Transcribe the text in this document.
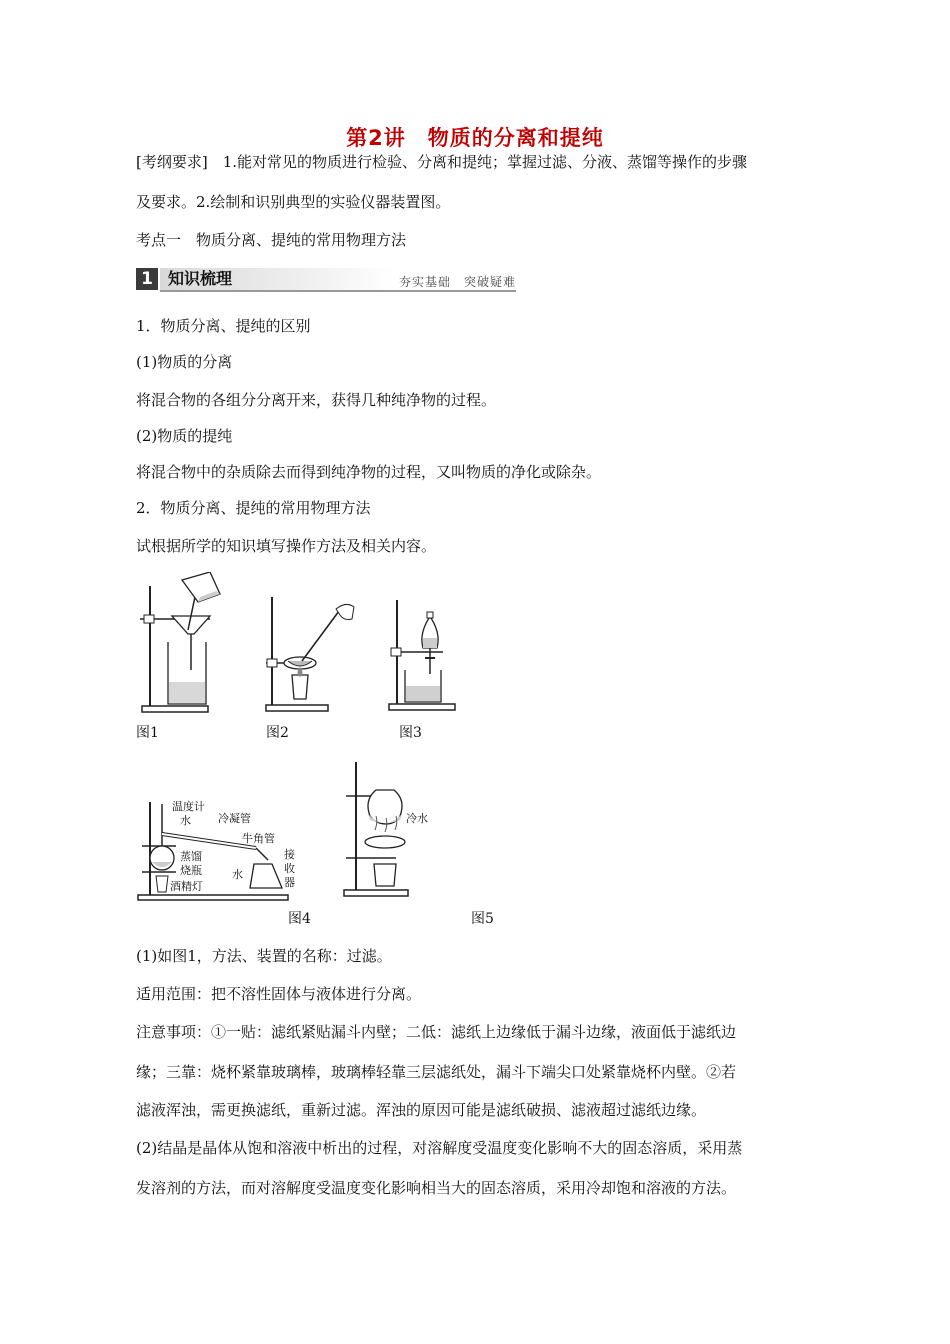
第2讲　物质的分离和提纯
[考纲要求]　1.能对常见的物质进行检验、分离和提纯；掌握过滤、分液、蒸馏等操作的步骤
及要求。2.绘制和识别典型的实验仪器装置图。
考点一　物质分离、提纯的常用物理方法
1 知识梳理	夯实基础　突破疑难
1．物质分离、提纯的区别
(1)物质的分离
将混合物的各组分分离开来，获得几种纯净物的过程。
(2)物质的提纯
将混合物中的杂质除去而得到纯净物的过程，又叫物质的净化或除杂。
2．物质分离、提纯的常用物理方法
试根据所学的知识填写操作方法及相关内容。
图1	图2	图3
温度计
水 冷凝管
牛角管
蒸馏
烧瓶	水
酒精灯
接
收
器
图4
冷水
图5
(1)如图1，方法、装置的名称：过滤。
适用范围：把不溶性固体与液体进行分离。
注意事项：①一贴：滤纸紧贴漏斗内壁；二低：滤纸上边缘低于漏斗边缘，液面低于滤纸边
缘；三靠：烧杯紧靠玻璃棒，玻璃棒轻靠三层滤纸处，漏斗下端尖口处紧靠烧杯内壁。②若
滤液浑浊，需更换滤纸，重新过滤。浑浊的原因可能是滤纸破损、滤液超过滤纸边缘。
(2)结晶是晶体从饱和溶液中析出的过程，对溶解度受温度变化影响不大的固态溶质，采用蒸
发溶剂的方法，而对溶解度受温度变化影响相当大的固态溶质，采用冷却饱和溶液的方法。
